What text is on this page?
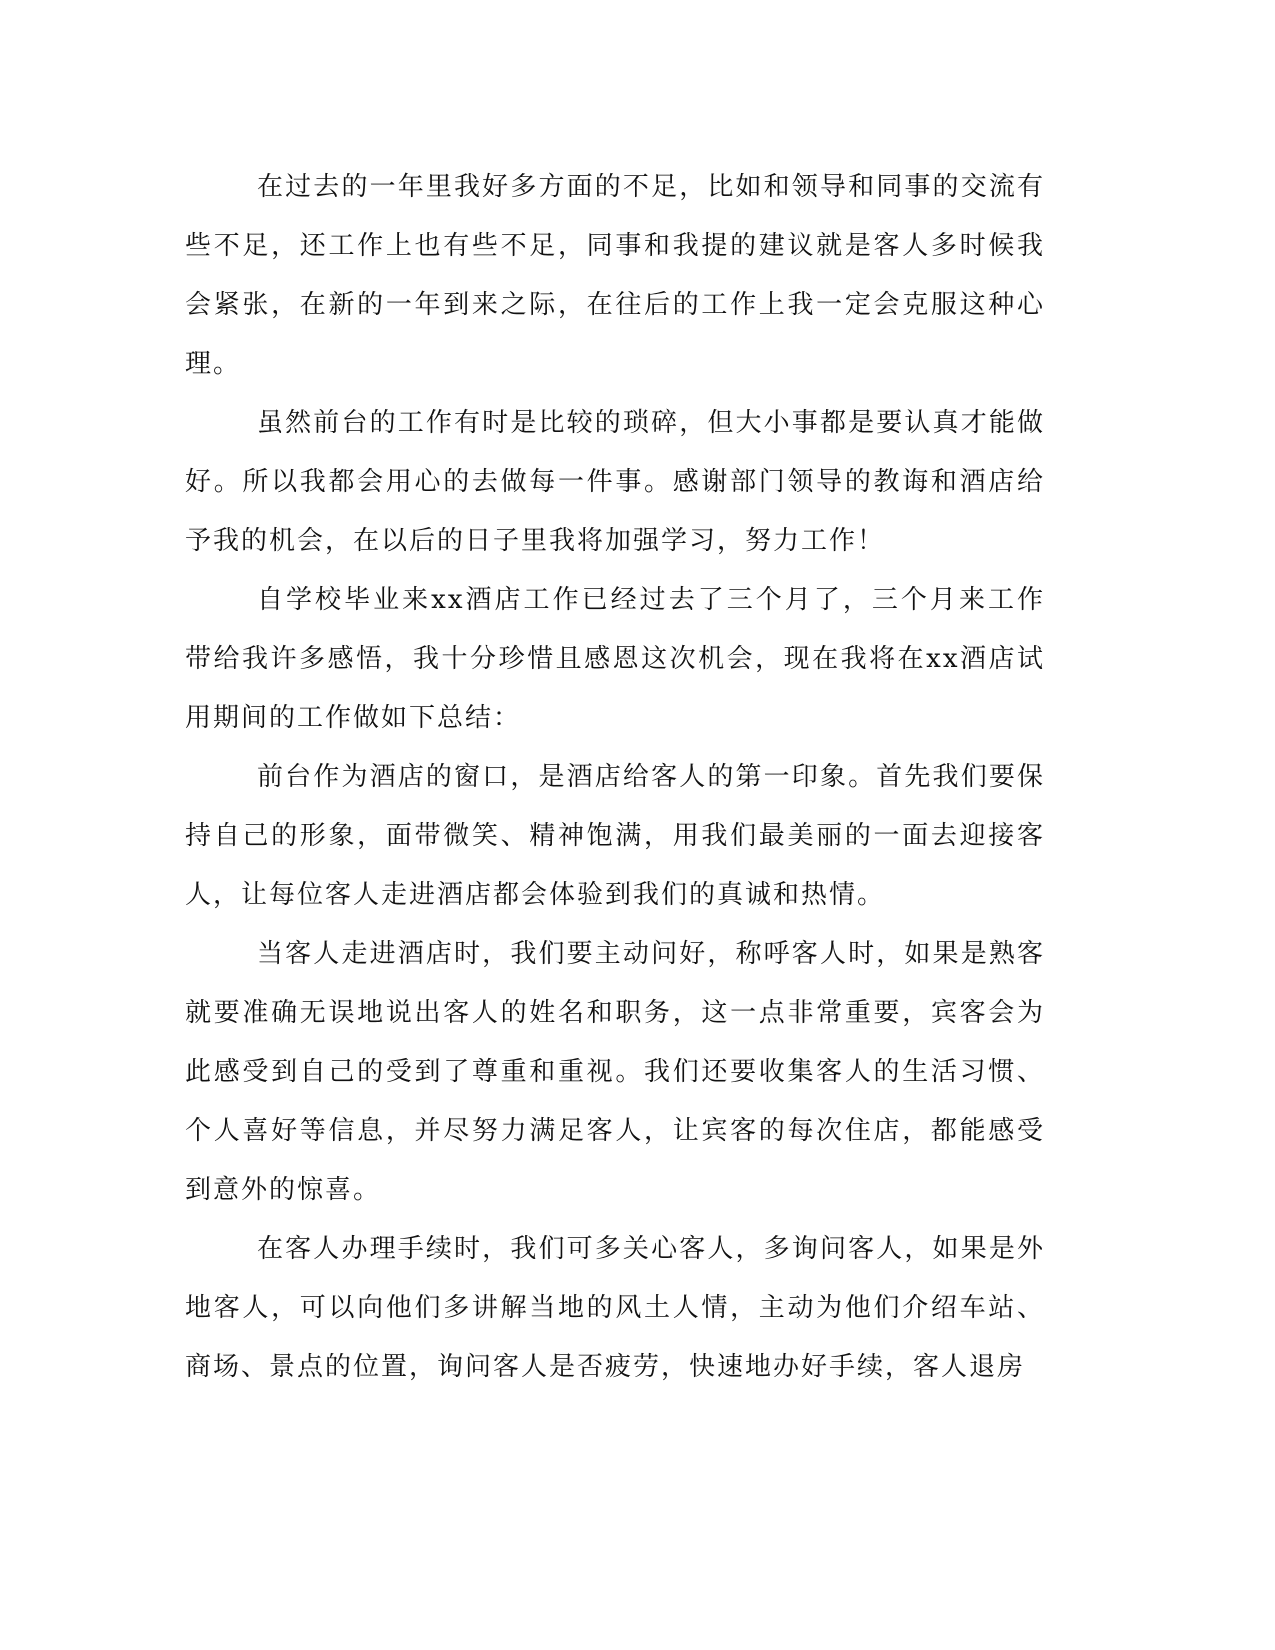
在过去的一年里我好多方面的不足，比如和领导和同事的交流有些不足，还工作上也有些不足，同事和我提的建议就是客人多时候我会紧张，在新的一年到来之际，在往后的工作上我一定会克服这种心理。

虽然前台的工作有时是比较的琐碎，但大小事都是要认真才能做好。所以我都会用心的去做每一件事。感谢部门领导的教诲和酒店给予我的机会，在以后的日子里我将加强学习，努力工作！

自学校毕业来xx酒店工作已经过去了三个月了，三个月来工作带给我许多感悟，我十分珍惜且感恩这次机会，现在我将在xx酒店试用期间的工作做如下总结：

前台作为酒店的窗口，是酒店给客人的第一印象。首先我们要保持自己的形象，面带微笑、精神饱满，用我们最美丽的一面去迎接客人，让每位客人走进酒店都会体验到我们的真诚和热情。

当客人走进酒店时，我们要主动问好，称呼客人时，如果是熟客就要准确无误地说出客人的姓名和职务，这一点非常重要，宾客会为此感受到自己的受到了尊重和重视。我们还要收集客人的生活习惯、个人喜好等信息，并尽努力满足客人，让宾客的每次住店，都能感受到意外的惊喜。

在客人办理手续时，我们可多关心客人，多询问客人，如果是外地客人，可以向他们多讲解当地的风土人情，主动为他们介绍车站、商场、景点的位置，询问客人是否疲劳，快速地办好手续，客人退房
